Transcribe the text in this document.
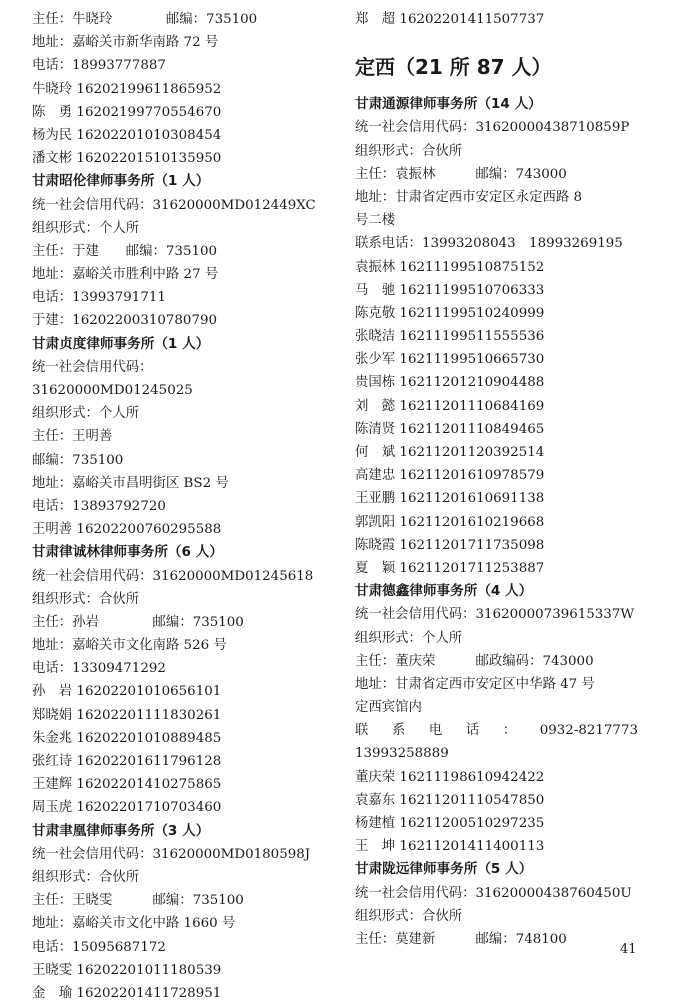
主任：牛晓玲　　　　邮编：735100
地址：嘉峪关市新华南路 72 号
电话：18993777887
牛晓玲 16202199611865952
陈　勇 16202199770554670
杨为民 16202201010308454
潘文彬 16202201510135950
甘肃昭伦律师事务所（1 人）
统一社会信用代码：31620000MD012449XC
组织形式：个人所
主任：于建　　邮编：735100
地址：嘉峪关市胜利中路 27 号
电话：13993791711
于建：16202200310780790
甘肃贞度律师事务所（1 人）
统一社会信用代码：
31620000MD01245025
组织形式：个人所
主任：王明善
邮编：735100
地址：嘉峪关市昌明街区 BS2 号
电话：13893792720
王明善 16202200760295588
甘肃律诚林律师事务所（6 人）
统一社会信用代码：31620000MD01245618
组织形式：合伙所
主任：孙岩　　　　邮编：735100
地址：嘉峪关市文化南路 526 号
电话：13309471292
孙　岩 16202201010656101
郑晓娟 16202201111830261
朱金兆 16202201010889485
张红诗 16202201611796128
王建辉 16202201410275865
周玉虎 16202201710703460
甘肃聿凰律师事务所（3 人）
统一社会信用代码：31620000MD0180598J
组织形式：合伙所
主任：王晓雯　　　邮编：735100
地址：嘉峪关市文化中路 1660 号
电话：15095687172
王晓雯 16202201011180539
金　瑜 16202201411728951
郑　超 16202201411507737
定西（21 所 87 人）
甘肃通源律师事务所（14 人）
统一社会信用代码：31620000438710859P
组织形式：合伙所
主任：袁振林　　　邮编：743000
地址：甘肃省定西市安定区永定西路 8
号二楼
联系电话：13993208043　18993269195
袁振林 16211199510875152
马　驰 16211199510706333
陈克敬 16211199510240999
张晓洁 16211199511555536
张少军 16211199510665730
贵国栋 16211201210904488
刘　懿 16211201110684169
陈清贤 16211201110849465
何　斌 16211201120392514
高建忠 16211201610978579
王亚鹏 16211201610691138
郭凯阳 16211201610219668
陈晓霞 16211201711735098
夏　颖 16211201711253887
甘肃德鑫律师事务所（4 人）
统一社会信用代码：31620000739615337W
组织形式：个人所
主任：董庆荣　　　邮政编码：743000
地址：甘肃省定西市安定区中华路 47 号
定西宾馆内
联系电话：0932-8217773
13993258889
董庆荣 16211198610942422
袁嘉东 16211201110547850
杨建植 16211200510297235
王　坤 16211201411400113
甘肃陇远律师事务所（5 人）
统一社会信用代码：31620000438760450U
组织形式：合伙所
主任：莫建新　　　邮编：748100
41
